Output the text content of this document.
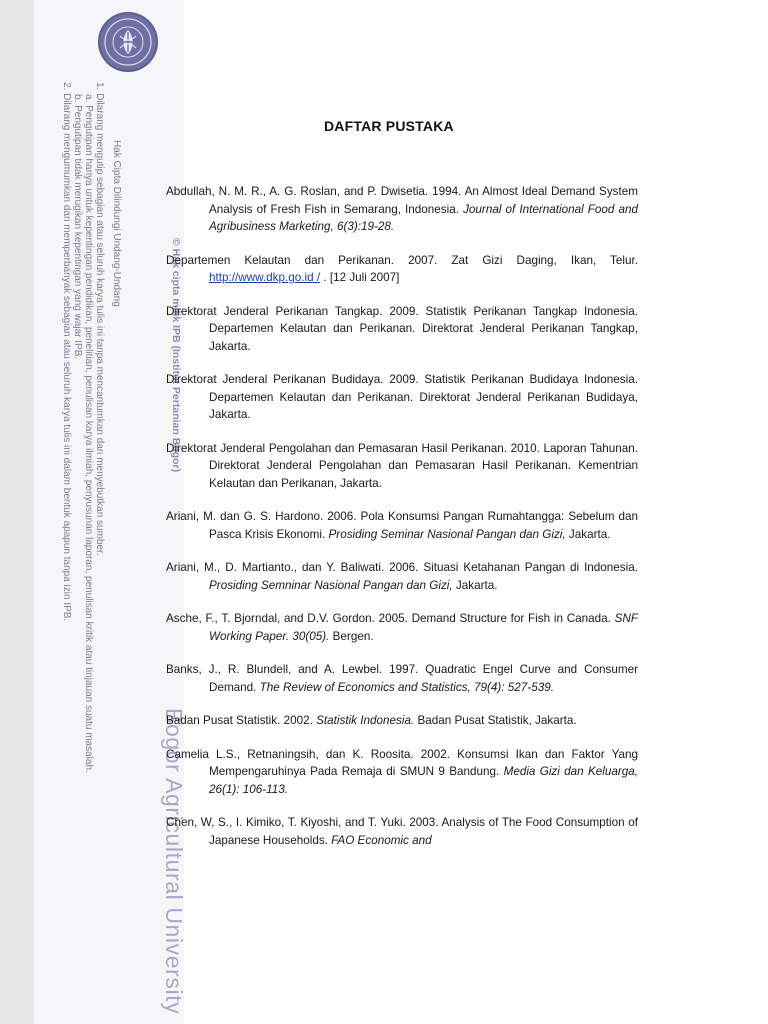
Hak Cipta Dilindungi Undang-Undang
1. Dilarang mengutip sebagian atau seluruh karya tulis ini tanpa mencantumkan dan menyebutkan sumber.
a. Pengutipan hanya untuk kepentingan pendidikan, penelitian, penulisan karya ilmiah, penyusunan laporan, penulisan kritik atau tinjauan suatu masalah.
b. Pengutipan tidak merugikan kepentingan yang wajar IPB.
2. Dilarang mengumumkan dan memperbanyak sebagian atau seluruh karya tulis ini dalam bentuk apapun tanpa izin IPB.	© Hak cipta milik IPB (Institut Pertanian Bogor)
Bogor Agricultural University
DAFTAR PUSTAKA

Abdullah, N. M. R., A. G. Roslan, and P. Dwisetia. 1994. An Almost Ideal Demand System Analysis of Fresh Fish in Semarang, Indonesia. Journal of International Food and Agribusiness Marketing, 6(3):19-28.

Departemen Kelautan dan Perikanan. 2007. Zat Gizi Daging, Ikan, Telur. http://www.dkp.go.id / . [12 Juli 2007]

Direktorat Jenderal Perikanan Tangkap. 2009. Statistik Perikanan Tangkap Indonesia. Departemen Kelautan dan Perikanan. Direktorat Jenderal Perikanan Tangkap, Jakarta.

Direktorat Jenderal Perikanan Budidaya. 2009. Statistik Perikanan Budidaya Indonesia. Departemen Kelautan dan Perikanan. Direktorat Jenderal Perikanan Budidaya, Jakarta.

Direktorat Jenderal Pengolahan dan Pemasaran Hasil Perikanan. 2010. Laporan Tahunan. Direktorat Jenderal Pengolahan dan Pemasaran Hasil Perikanan. Kementrian Kelautan dan Perikanan, Jakarta.

Ariani, M. dan G. S. Hardono. 2006. Pola Konsumsi Pangan Rumahtangga: Sebelum dan Pasca Krisis Ekonomi. Prosiding Seminar Nasional Pangan dan Gizi, Jakarta.

Ariani, M., D. Martianto., dan Y. Baliwati. 2006. Situasi Ketahanan Pangan di Indonesia. Prosiding Semninar Nasional Pangan dan Gizi, Jakarta.

Asche, F., T. Bjorndal, and D.V. Gordon. 2005. Demand Structure for Fish in Canada. SNF Working Paper. 30(05). Bergen.

Banks, J., R. Blundell, and A. Lewbel. 1997. Quadratic Engel Curve and Consumer Demand. The Review of Economics and Statistics, 79(4): 527-539.

Badan Pusat Statistik. 2002. Statistik Indonesia. Badan Pusat Statistik, Jakarta.

Camelia L.S., Retnaningsih, dan K. Roosita. 2002. Konsumsi Ikan dan Faktor Yang Mempengaruhinya Pada Remaja di SMUN 9 Bandung. Media Gizi dan Keluarga, 26(1): 106-113.

Chen, W, S., I. Kimiko, T. Kiyoshi, and T. Yuki. 2003. Analysis of The Food Consumption of Japanese Households. FAO Economic and
